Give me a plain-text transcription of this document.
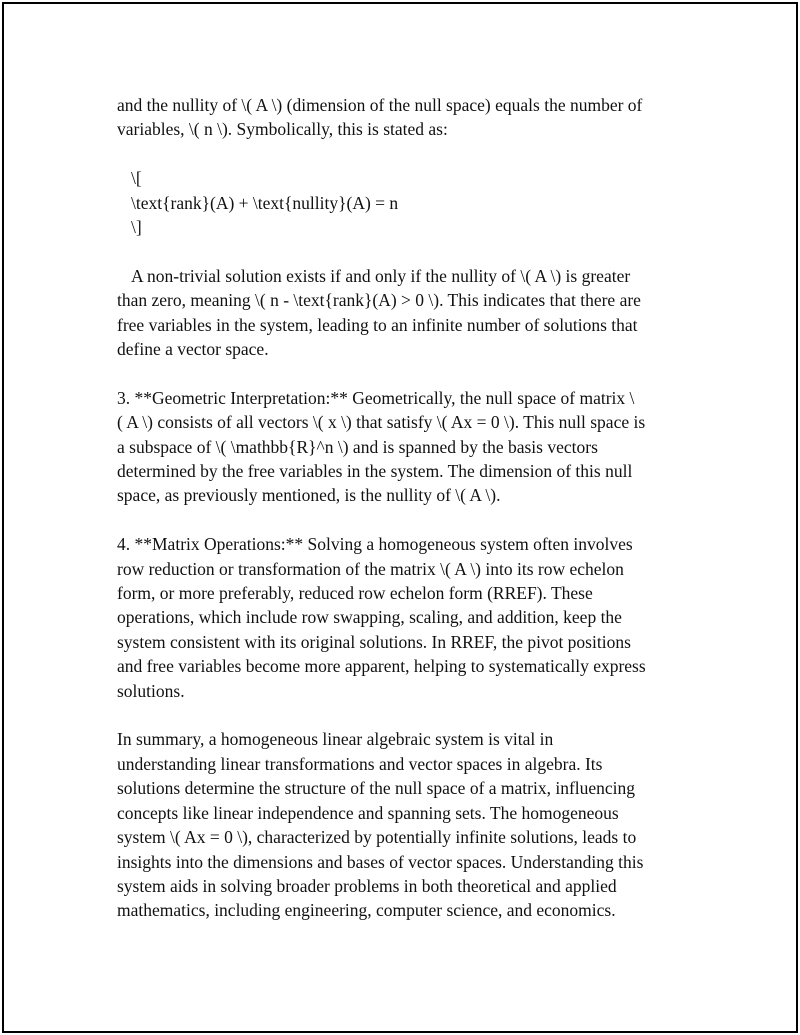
and the nullity of \( A \) (dimension of the null space) equals the number of

variables, \( n \). Symbolically, this is stated as:

\[

\text{rank}(A) + \text{nullity}(A) = n

\]

A non-trivial solution exists if and only if the nullity of \( A \) is greater

than zero, meaning \( n - \text{rank}(A) > 0 \). This indicates that there are

free variables in the system, leading to an infinite number of solutions that

define a vector space.

3. **Geometric Interpretation:** Geometrically, the null space of matrix \

( A \) consists of all vectors \( x \) that satisfy \( Ax = 0 \). This null space is

a subspace of \( \mathbb{R}^n \) and is spanned by the basis vectors

determined by the free variables in the system. The dimension of this null

space, as previously mentioned, is the nullity of \( A \).

4. **Matrix Operations:** Solving a homogeneous system often involves

row reduction or transformation of the matrix \( A \) into its row echelon

form, or more preferably, reduced row echelon form (RREF). These

operations, which include row swapping, scaling, and addition, keep the

system consistent with its original solutions. In RREF, the pivot positions

and free variables become more apparent, helping to systematically express

solutions.

In summary, a homogeneous linear algebraic system is vital in

understanding linear transformations and vector spaces in algebra. Its

solutions determine the structure of the null space of a matrix, influencing

concepts like linear independence and spanning sets. The homogeneous

system \( Ax = 0 \), characterized by potentially infinite solutions, leads to

insights into the dimensions and bases of vector spaces. Understanding this

system aids in solving broader problems in both theoretical and applied

mathematics, including engineering, computer science, and economics.
